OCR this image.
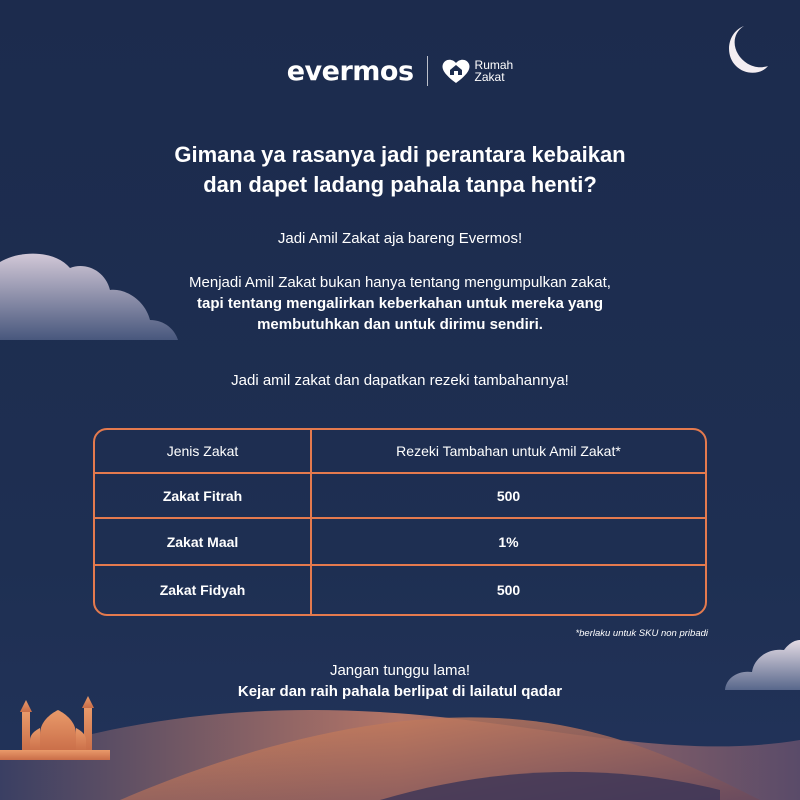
evermos	Rumah
Zakat
Gimana ya rasanya jadi perantara kebaikan
dan dapet ladang pahala tanpa henti?
Jadi Amil Zakat aja bareng Evermos!
Menjadi Amil Zakat bukan hanya tentang mengumpulkan zakat,
tapi tentang mengalirkan keberkahan untuk mereka yang
membutuhkan dan untuk dirimu sendiri.
Jadi amil zakat dan dapatkan rezeki tambahannya!
Jenis Zakat	Rezeki Tambahan untuk Amil Zakat*
Zakat Fitrah	500
Zakat Maal	1%
Zakat Fidyah	500
*berlaku untuk SKU non pribadi
Jangan tunggu lama!
Kejar dan raih pahala berlipat di lailatul qadar
